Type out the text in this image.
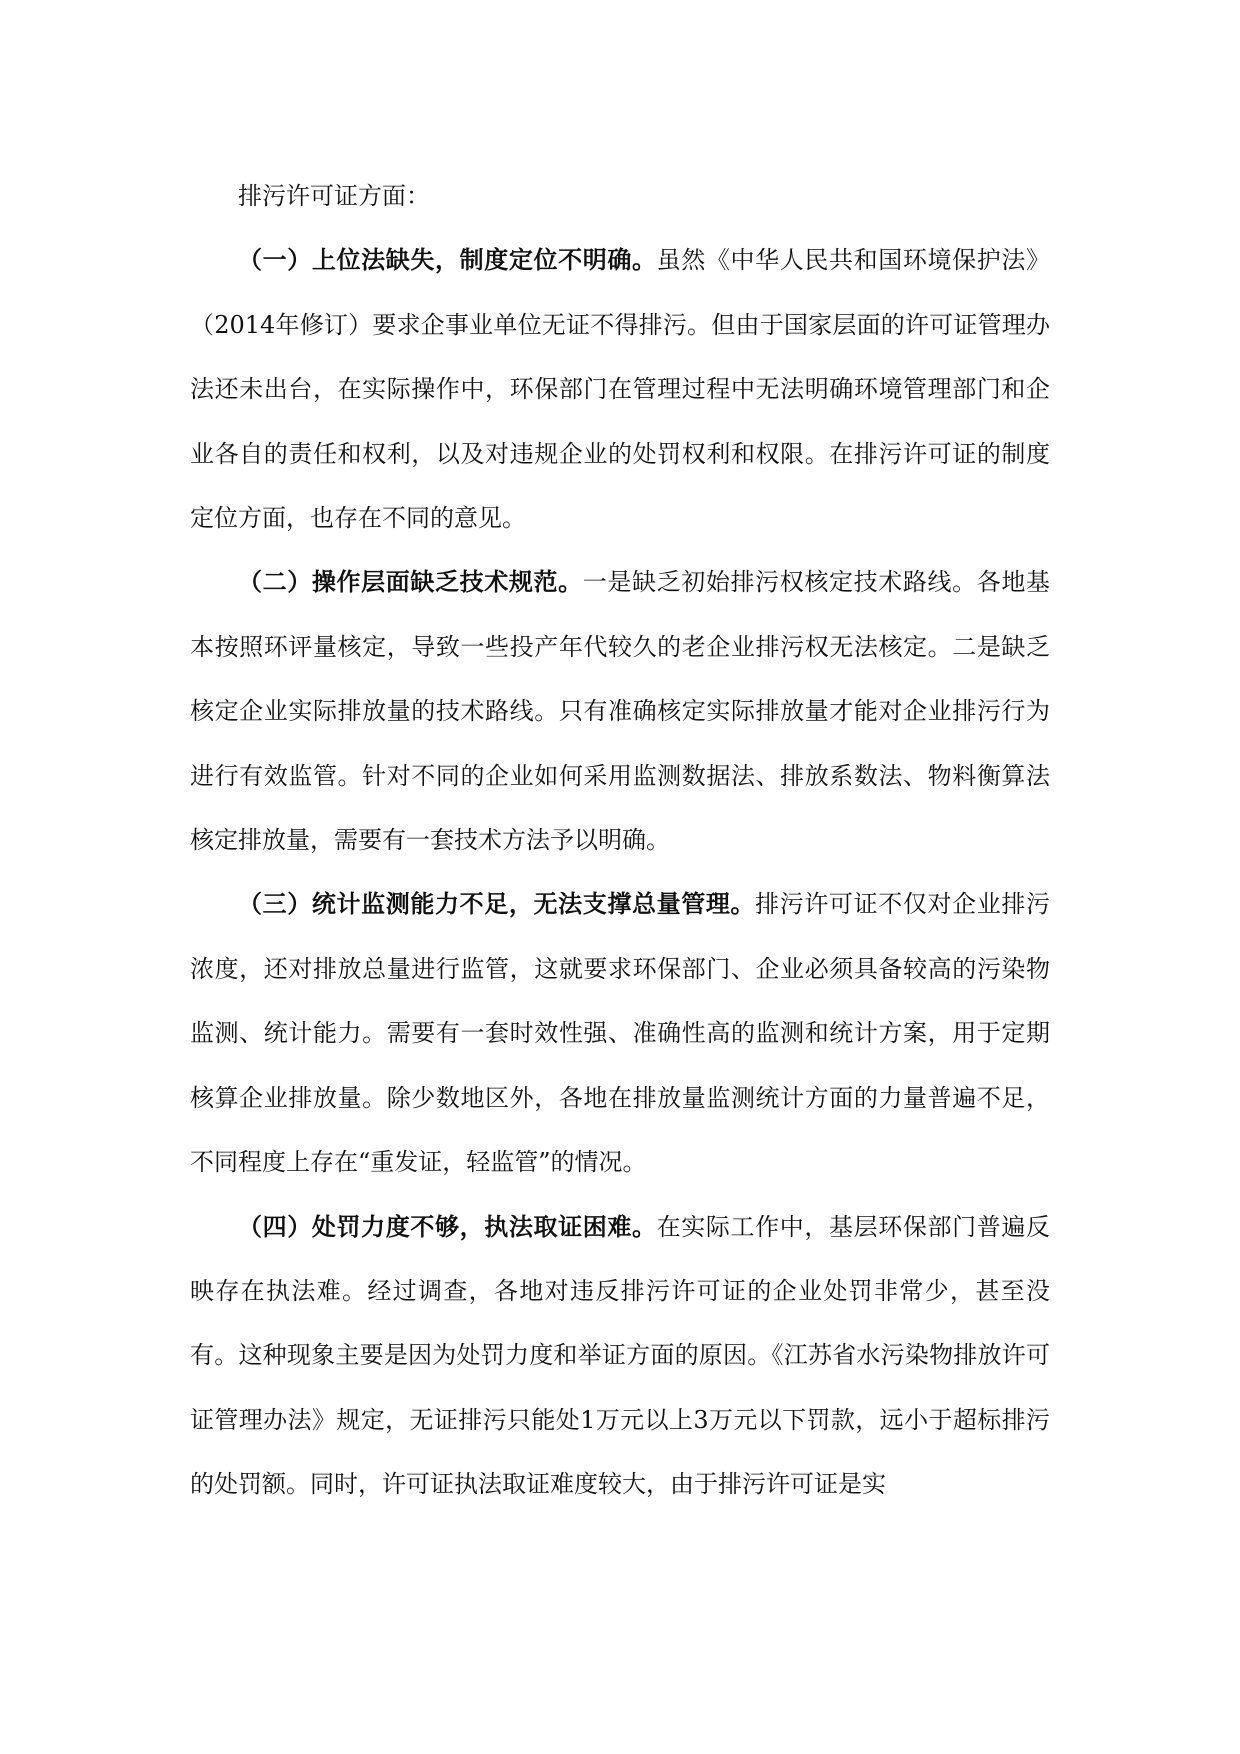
排污许可证方面：

（一）上位法缺失，制度定位不明确。虽然《中华人民共和国环境保护法》（2014年修订）要求企事业单位无证不得排污。但由于国家层面的许可证管理办法还未出台，在实际操作中，环保部门在管理过程中无法明确环境管理部门和企业各自的责任和权利，以及对违规企业的处罚权利和权限。在排污许可证的制度定位方面，也存在不同的意见。

（二）操作层面缺乏技术规范。一是缺乏初始排污权核定技术路线。各地基本按照环评量核定，导致一些投产年代较久的老企业排污权无法核定。二是缺乏核定企业实际排放量的技术路线。只有准确核定实际排放量才能对企业排污行为进行有效监管。针对不同的企业如何采用监测数据法、排放系数法、物料衡算法核定排放量，需要有一套技术方法予以明确。

（三）统计监测能力不足，无法支撑总量管理。排污许可证不仅对企业排污浓度，还对排放总量进行监管，这就要求环保部门、企业必须具备较高的污染物监测、统计能力。需要有一套时效性强、准确性高的监测和统计方案，用于定期核算企业排放量。除少数地区外，各地在排放量监测统计方面的力量普遍不足，不同程度上存在“重发证，轻监管”的情况。

（四）处罚力度不够，执法取证困难。在实际工作中，基层环保部门普遍反映存在执法难。经过调查，各地对违反排污许可证的企业处罚非常少，甚至没有。这种现象主要是因为处罚力度和举证方面的原因。《江苏省水污染物排放许可证管理办法》规定，无证排污只能处1万元以上3万元以下罚款，远小于超标排污的处罚额。同时，许可证执法取证难度较大，由于排污许可证是实
